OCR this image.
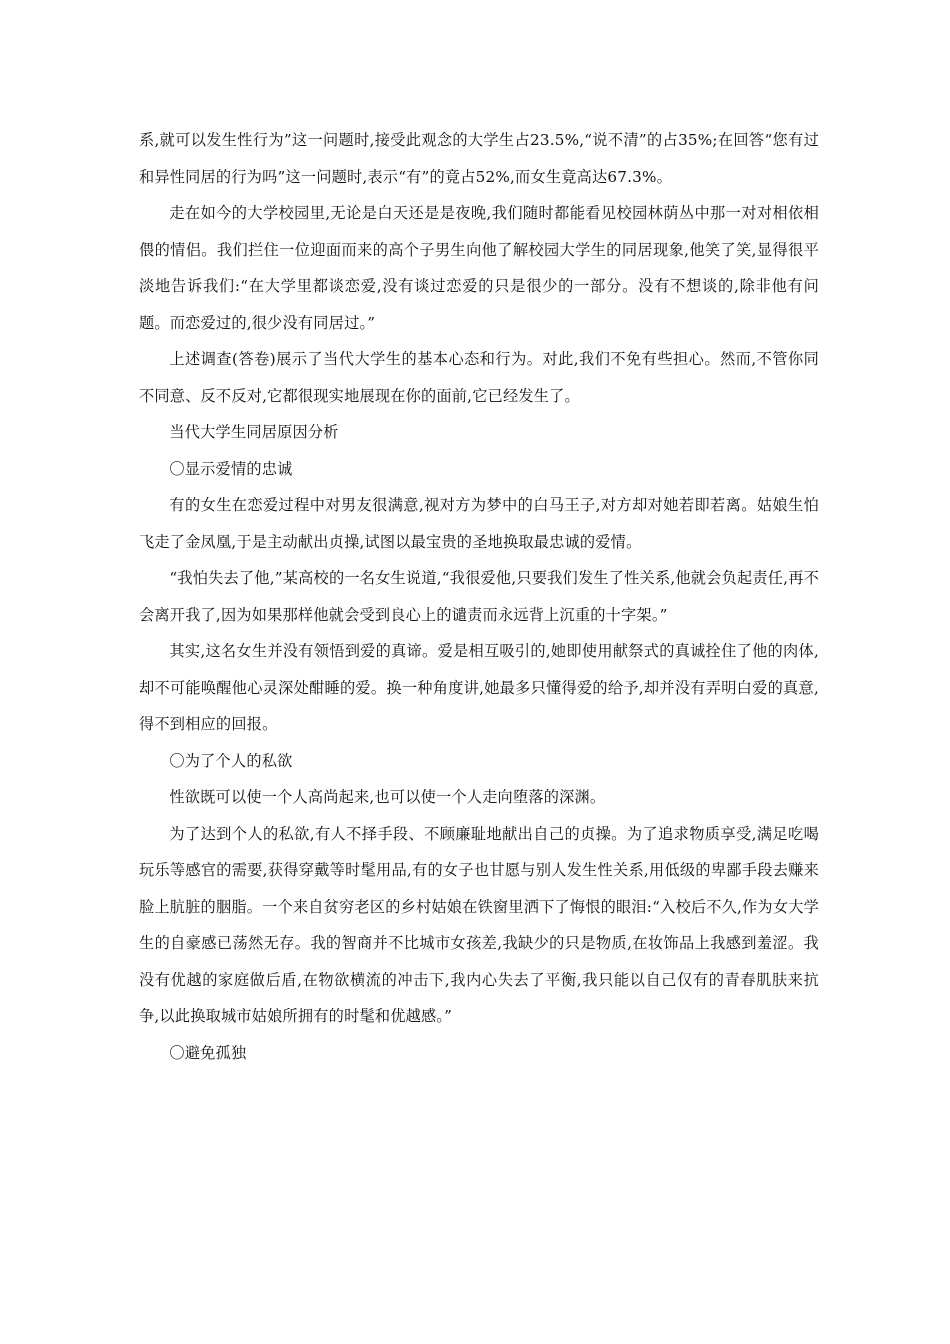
系,就可以发生性行为”这一问题时,接受此观念的大学生占23.5%,“说不清”的占35%;在回答“您有过和异性同居的行为吗”这一问题时,表示“有”的竟占52%,而女生竟高达67.3%。

走在如今的大学校园里,无论是白天还是是夜晚,我们随时都能看见校园林荫丛中那一对对相依相偎的情侣。我们拦住一位迎面而来的高个子男生向他了解校园大学生的同居现象,他笑了笑,显得很平淡地告诉我们:“在大学里都谈恋爱,没有谈过恋爱的只是很少的一部分。没有不想谈的,除非他有问题。而恋爱过的,很少没有同居过。”

上述调查(答卷)展示了当代大学生的基本心态和行为。对此,我们不免有些担心。然而,不管你同不同意、反不反对,它都很现实地展现在你的面前,它已经发生了。

当代大学生同居原因分析

〇显示爱情的忠诚

有的女生在恋爱过程中对男友很满意,视对方为梦中的白马王子,对方却对她若即若离。姑娘生怕飞走了金凤凰,于是主动献出贞操,试图以最宝贵的圣地换取最忠诚的爱情。

“我怕失去了他,”某高校的一名女生说道,“我很爱他,只要我们发生了性关系,他就会负起责任,再不会离开我了,因为如果那样他就会受到良心上的谴责而永远背上沉重的十字架。”

其实,这名女生并没有领悟到爱的真谛。爱是相互吸引的,她即使用献祭式的真诚拴住了他的肉体,却不可能唤醒他心灵深处酣睡的爱。换一种角度讲,她最多只懂得爱的给予,却并没有弄明白爱的真意,得不到相应的回报。

〇为了个人的私欲

性欲既可以使一个人高尚起来,也可以使一个人走向堕落的深渊。

为了达到个人的私欲,有人不择手段、不顾廉耻地献出自己的贞操。为了追求物质享受,满足吃喝玩乐等感官的需要,获得穿戴等时髦用品,有的女子也甘愿与别人发生性关系,用低级的卑鄙手段去赚来脸上肮脏的胭脂。一个来自贫穷老区的乡村姑娘在铁窗里洒下了悔恨的眼泪:“入校后不久,作为女大学生的自豪感已荡然无存。我的智商并不比城市女孩差,我缺少的只是物质,在妆饰品上我感到羞涩。我没有优越的家庭做后盾,在物欲横流的冲击下,我内心失去了平衡,我只能以自己仅有的青春肌肤来抗争,以此换取城市姑娘所拥有的时髦和优越感。”

〇避免孤独
